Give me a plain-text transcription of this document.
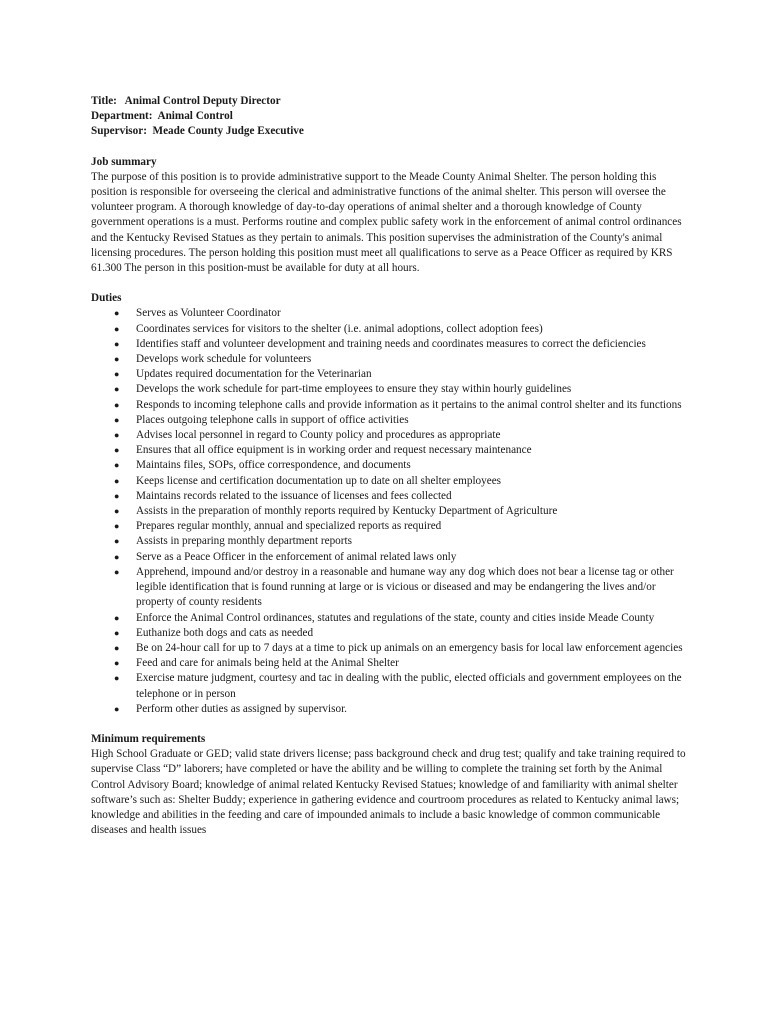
Title:   Animal Control Deputy Director
Department:  Animal Control
Supervisor:  Meade County Judge Executive
Job summary
The purpose of this position is to provide administrative support to the Meade County Animal Shelter. The person holding this position is responsible for overseeing the clerical and administrative functions of the animal shelter. This person will oversee the volunteer program. A thorough knowledge of day-to-day operations of animal shelter and a thorough knowledge of County government operations is a must. Performs routine and complex public safety work in the enforcement of animal control ordinances and the Kentucky Revised Statues as they pertain to animals. This position supervises the administration of the County's animal licensing procedures. The person holding this position must meet all qualifications to serve as a Peace Officer as required by KRS 61.300 The person in this position-must be available for duty at all hours.
Duties
● Serves as Volunteer Coordinator
● Coordinates services for visitors to the shelter (i.e. animal adoptions, collect adoption fees)
● Identifies staff and volunteer development and training needs and coordinates measures to correct the deficiencies
● Develops work schedule for volunteers
● Updates required documentation for the Veterinarian
● Develops the work schedule for part-time employees to ensure they stay within hourly guidelines
● Responds to incoming telephone calls and provide information as it pertains to the animal control shelter and its functions
● Places outgoing telephone calls in support of office activities
● Advises local personnel in regard to County policy and procedures as appropriate
● Ensures that all office equipment is in working order and request necessary maintenance
● Maintains files, SOPs, office correspondence, and documents
● Keeps license and certification documentation up to date on all shelter employees
● Maintains records related to the issuance of licenses and fees collected
● Assists in the preparation of monthly reports required by Kentucky Department of Agriculture
● Prepares regular monthly, annual and specialized reports as required
● Assists in preparing monthly department reports
● Serve as a Peace Officer in the enforcement of animal related laws only
● Apprehend, impound and/or destroy in a reasonable and humane way any dog which does not bear a license tag or other legible identification that is found running at large or is vicious or diseased and may be endangering the lives and/or property of county residents
● Enforce the Animal Control ordinances, statutes and regulations of the state, county and cities inside Meade County
● Euthanize both dogs and cats as needed
● Be on 24-hour call for up to 7 days at a time to pick up animals on an emergency basis for local law enforcement agencies
● Feed and care for animals being held at the Animal Shelter
● Exercise mature judgment, courtesy and tac in dealing with the public, elected officials and government employees on the telephone or in person
● Perform other duties as assigned by supervisor.
Minimum requirements
High School Graduate or GED; valid state drivers license; pass background check and drug test; qualify and take training required to supervise Class “D” laborers; have completed or have the ability and be willing to complete the training set forth by the Animal Control Advisory Board; knowledge of animal related Kentucky Revised Statues; knowledge of and familiarity with animal shelter software’s such as: Shelter Buddy; experience in gathering evidence and courtroom procedures as related to Kentucky animal laws; knowledge and abilities in the feeding and care of impounded animals to include a basic knowledge of common communicable diseases and health issues
